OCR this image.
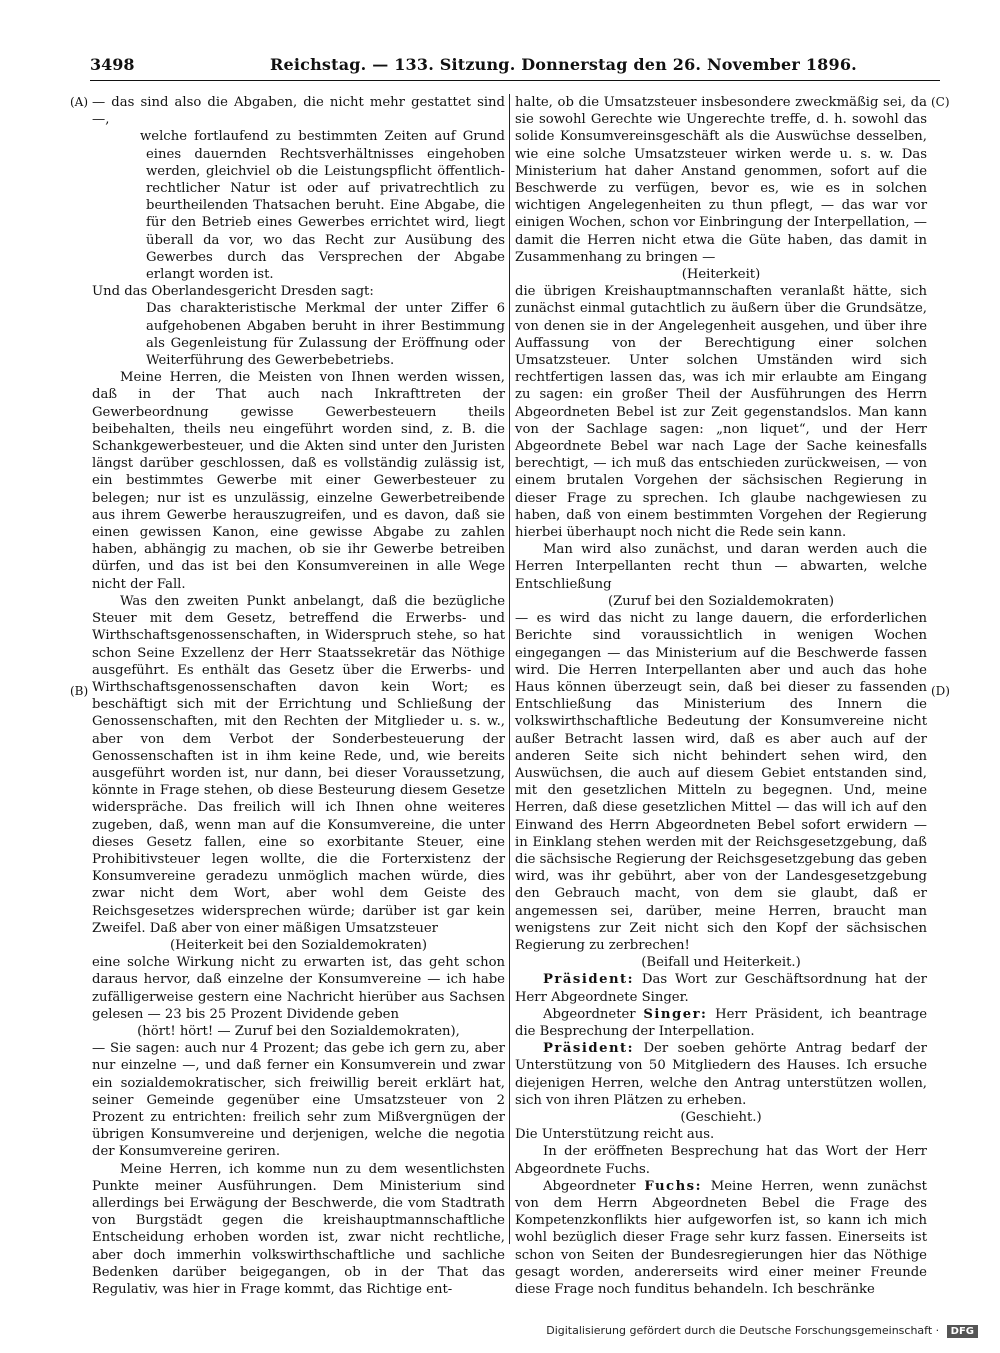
3498	Reichstag. — 133. Sitzung. Donnerstag den 26. November 1896.
(A)
(B)
(C)
(D)

— das sind also die Abgaben, die nicht mehr gestattet sind —,

welche fortlaufend zu bestimmten Zeiten auf Grund eines dauernden Rechtsverhältnisses eingehoben werden, gleichviel ob die Leistungspflicht öffentlich-rechtlicher Natur ist oder auf privatrechtlich zu beurtheilenden Thatsachen beruht. Eine Abgabe, die für den Betrieb eines Gewerbes errichtet wird, liegt überall da vor, wo das Recht zur Ausübung des Gewerbes durch das Versprechen der Abgabe erlangt worden ist.

Und das Oberlandesgericht Dresden sagt:

Das charakteristische Merkmal der unter Ziffer 6 aufgehobenen Abgaben beruht in ihrer Bestimmung als Gegenleistung für Zulassung der Eröffnung oder Weiterführung des Gewerbebetriebs.

Meine Herren, die Meisten von Ihnen werden wissen, daß in der That auch nach Inkrafttreten der Gewerbeordnung gewisse Gewerbesteuern theils beibehalten, theils neu eingeführt worden sind, z. B. die Schankgewerbesteuer, und die Akten sind unter den Juristen längst darüber geschlossen, daß es vollständig zulässig ist, ein bestimmtes Gewerbe mit einer Gewerbesteuer zu belegen; nur ist es unzulässig, einzelne Gewerbetreibende aus ihrem Gewerbe herauszugreifen, und es davon, daß sie einen gewissen Kanon, eine gewisse Abgabe zu zahlen haben, abhängig zu machen, ob sie ihr Gewerbe betreiben dürfen, und das ist bei den Konsumvereinen in alle Wege nicht der Fall.

Was den zweiten Punkt anbelangt, daß die bezügliche Steuer mit dem Gesetz, betreffend die Erwerbs- und Wirthschaftsgenossenschaften, in Widerspruch stehe, so hat schon Seine Exzellenz der Herr Staatssekretär das Nöthige ausgeführt. Es enthält das Gesetz über die Erwerbs- und Wirthschaftsgenossenschaften davon kein Wort; es beschäftigt sich mit der Errichtung und Schließung der Genossenschaften, mit den Rechten der Mitglieder u. s. w., aber von dem Verbot der Sonderbesteuerung der Genossenschaften ist in ihm keine Rede, und, wie bereits ausgeführt worden ist, nur dann, bei dieser Voraussetzung, könnte in Frage stehen, ob diese Besteurung diesem Gesetze widerspräche. Das freilich will ich Ihnen ohne weiteres zugeben, daß, wenn man auf die Konsumvereine, die unter dieses Gesetz fallen, eine so exorbitante Steuer, eine Prohibitivsteuer legen wollte, die die Forterxistenz der Konsumvereine geradezu unmöglich machen würde, dies zwar nicht dem Wort, aber wohl dem Geiste des Reichsgesetzes widersprechen würde; darüber ist gar kein Zweifel. Daß aber von einer mäßigen Umsatzsteuer

(Heiterkeit bei den Sozialdemokraten)

eine solche Wirkung nicht zu erwarten ist, das geht schon daraus hervor, daß einzelne der Konsumvereine — ich habe zufälligerweise gestern eine Nachricht hierüber aus Sachsen gelesen — 23 bis 25 Prozent Dividende geben

(hört! hört! — Zuruf bei den Sozialdemokraten),

— Sie sagen: auch nur 4 Prozent; das gebe ich gern zu, aber nur einzelne —, und daß ferner ein Konsumverein und zwar ein sozialdemokratischer, sich freiwillig bereit erklärt hat, seiner Gemeinde gegenüber eine Umsatzsteuer von 2 Prozent zu entrichten: freilich sehr zum Mißvergnügen der übrigen Konsumvereine und derjenigen, welche die negotia der Konsumvereine geriren.

Meine Herren, ich komme nun zu dem wesentlichsten Punkte meiner Ausführungen. Dem Ministerium sind allerdings bei Erwägung der Beschwerde, die vom Stadtrath von Burgstädt gegen die kreishauptmannschaftliche Entscheidung erhoben worden ist, zwar nicht rechtliche, aber doch immerhin volkswirthschaftliche und sachliche Bedenken darüber beigegangen, ob in der That das Regulativ, was hier in Frage kommt, das Richtige ent-

halte, ob die Umsatzsteuer insbesondere zweckmäßig sei, da sie sowohl Gerechte wie Ungerechte treffe, d. h. sowohl das solide Konsumvereinsgeschäft als die Auswüchse desselben, wie eine solche Umsatzsteuer wirken werde u. s. w. Das Ministerium hat daher Anstand genommen, sofort auf die Beschwerde zu verfügen, bevor es, wie es in solchen wichtigen Angelegenheiten zu thun pflegt, — das war vor einigen Wochen, schon vor Einbringung der Interpellation, — damit die Herren nicht etwa die Güte haben, das damit in Zusammenhang zu bringen —

(Heiterkeit)

die übrigen Kreishauptmannschaften veranlaßt hätte, sich zunächst einmal gutachtlich zu äußern über die Grundsätze, von denen sie in der Angelegenheit ausgehen, und über ihre Auffassung von der Berechtigung einer solchen Umsatzsteuer. Unter solchen Umständen wird sich rechtfertigen lassen das, was ich mir erlaubte am Eingang zu sagen: ein großer Theil der Ausführungen des Herrn Abgeordneten Bebel ist zur Zeit gegenstandslos. Man kann von der Sachlage sagen: „non liquet“, und der Herr Abgeordnete Bebel war nach Lage der Sache keinesfalls berechtigt, — ich muß das entschieden zurückweisen, — von einem brutalen Vorgehen der sächsischen Regierung in dieser Frage zu sprechen. Ich glaube nachgewiesen zu haben, daß von einem bestimmten Vorgehen der Regierung hierbei überhaupt noch nicht die Rede sein kann.

Man wird also zunächst, und daran werden auch die Herren Interpellanten recht thun — abwarten, welche Entschließung

(Zuruf bei den Sozialdemokraten)

— es wird das nicht zu lange dauern, die erforderlichen Berichte sind voraussichtlich in wenigen Wochen eingegangen — das Ministerium auf die Beschwerde fassen wird. Die Herren Interpellanten aber und auch das hohe Haus können überzeugt sein, daß bei dieser zu fassenden Entschließung das Ministerium des Innern die volkswirthschaftliche Bedeutung der Konsumvereine nicht außer Betracht lassen wird, daß es aber auch auf der anderen Seite sich nicht behindert sehen wird, den Auswüchsen, die auch auf diesem Gebiet entstanden sind, mit den gesetzlichen Mitteln zu begegnen. Und, meine Herren, daß diese gesetzlichen Mittel — das will ich auf den Einwand des Herrn Abgeordneten Bebel sofort erwidern — in Einklang stehen werden mit der Reichsgesetzgebung, daß die sächsische Regierung der Reichsgesetzgebung das geben wird, was ihr gebührt, aber von der Landesgesetzgebung den Gebrauch macht, von dem sie glaubt, daß er angemessen sei, darüber, meine Herren, braucht man wenigstens zur Zeit nicht sich den Kopf der sächsischen Regierung zu zerbrechen!

(Beifall und Heiterkeit.)

Präsident: Das Wort zur Geschäftsordnung hat der Herr Abgeordnete Singer.

Abgeordneter Singer: Herr Präsident, ich beantrage die Besprechung der Interpellation.

Präsident: Der soeben gehörte Antrag bedarf der Unterstützung von 50 Mitgliedern des Hauses. Ich ersuche diejenigen Herren, welche den Antrag unterstützen wollen, sich von ihren Plätzen zu erheben.

(Geschieht.)

Die Unterstützung reicht aus.

In der eröffneten Besprechung hat das Wort der Herr Abgeordnete Fuchs.

Abgeordneter Fuchs: Meine Herren, wenn zunächst von dem Herrn Abgeordneten Bebel die Frage des Kompetenzkonflikts hier aufgeworfen ist, so kann ich mich wohl bezüglich dieser Frage sehr kurz fassen. Einerseits ist schon von Seiten der Bundesregierungen hier das Nöthige gesagt worden, andererseits wird einer meiner Freunde diese Frage noch funditus behandeln. Ich beschränke

Digitalisierung gefördert durch die Deutsche Forschungsgemeinschaft · DFG
